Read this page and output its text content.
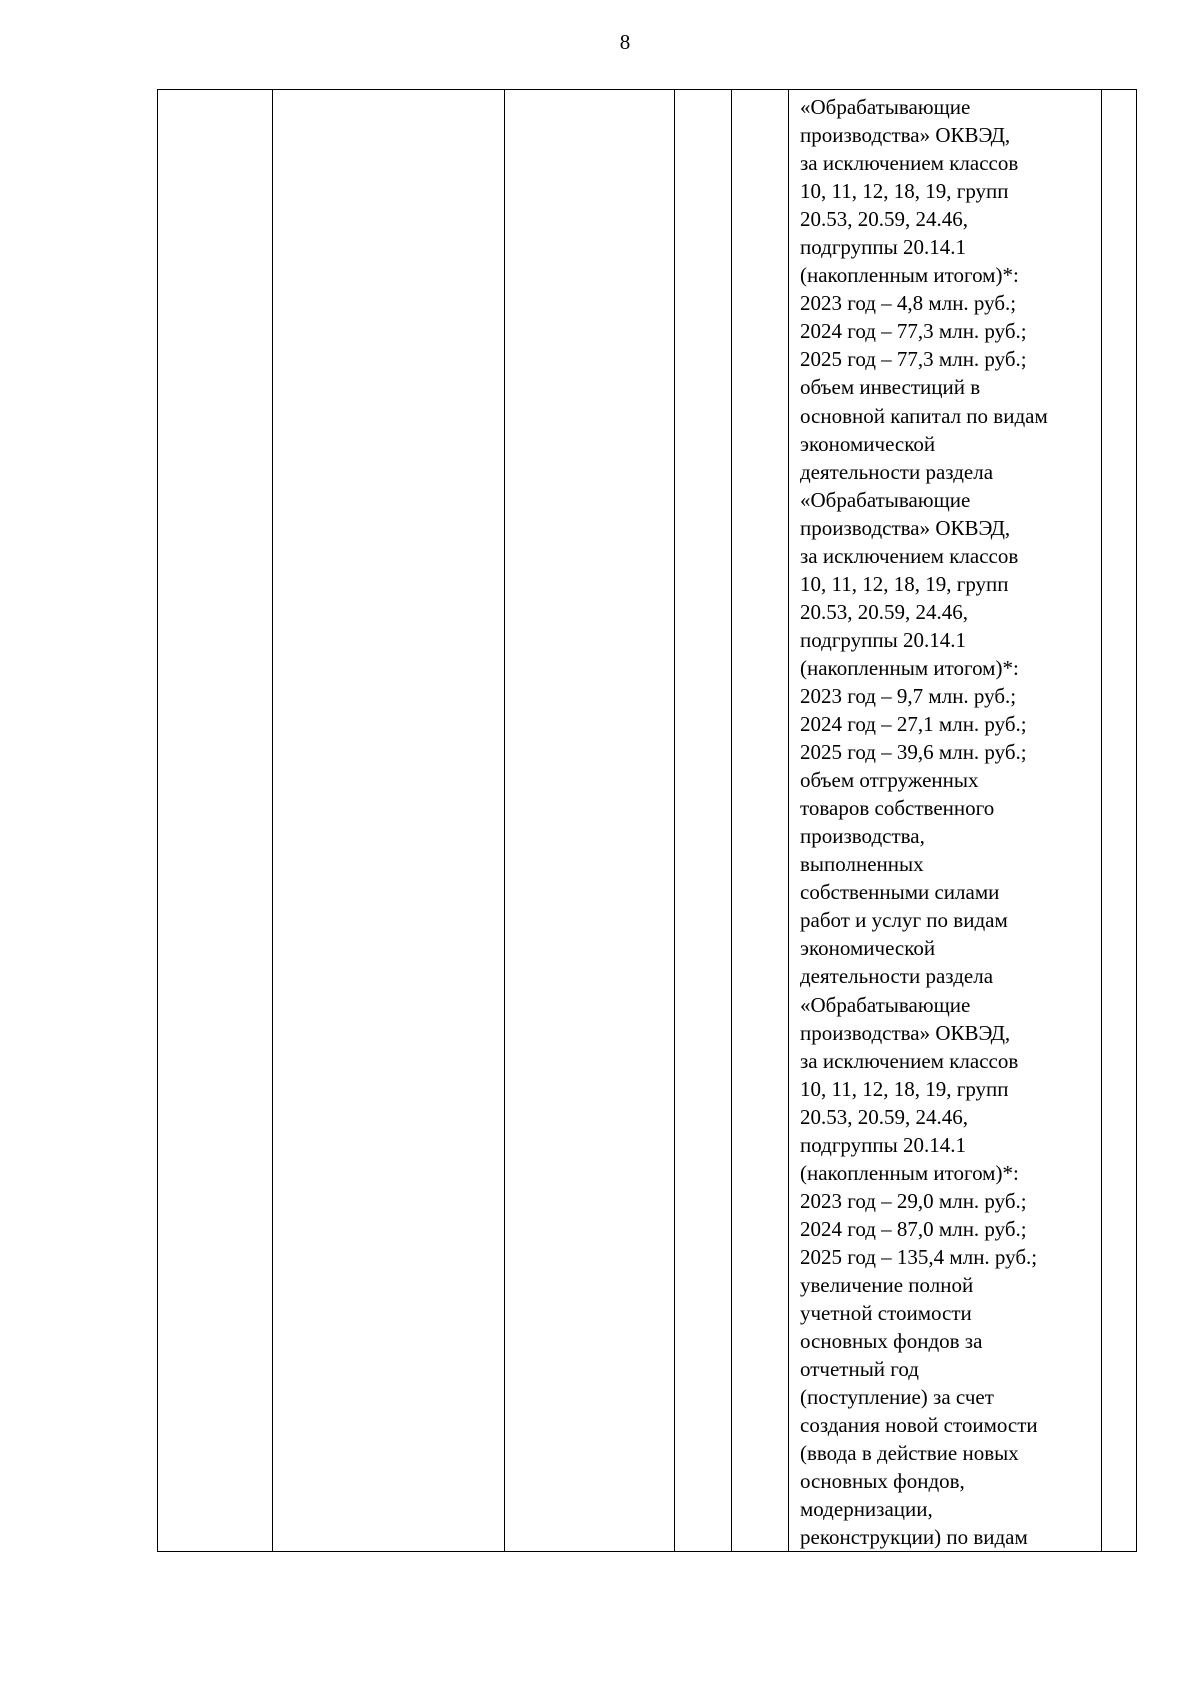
8

«Обрабатывающие
производства» ОКВЭД,
за исключением классов
10, 11, 12, 18, 19, групп
20.53, 20.59, 24.46,
подгруппы 20.14.1
(накопленным итогом)*:
2023 год – 4,8 млн. руб.;
2024 год – 77,3 млн. руб.;
2025 год – 77,3 млн. руб.;
объем инвестиций в
основной капитал по видам
экономической
деятельности раздела
«Обрабатывающие
производства» ОКВЭД,
за исключением классов
10, 11, 12, 18, 19, групп
20.53, 20.59, 24.46,
подгруппы 20.14.1
(накопленным итогом)*:
2023 год – 9,7 млн. руб.;
2024 год – 27,1 млн. руб.;
2025 год – 39,6 млн. руб.;
объем отгруженных
товаров собственного
производства,
выполненных
собственными силами
работ и услуг по видам
экономической
деятельности раздела
«Обрабатывающие
производства» ОКВЭД,
за исключением классов
10, 11, 12, 18, 19, групп
20.53, 20.59, 24.46,
подгруппы 20.14.1
(накопленным итогом)*:
2023 год – 29,0 млн. руб.;
2024 год – 87,0 млн. руб.;
2025 год – 135,4 млн. руб.;
увеличение полной
учетной стоимости
основных фондов за
отчетный год
(поступление) за счет
создания новой стоимости
(ввода в действие новых
основных фондов,
модернизации,
реконструкции) по видам
